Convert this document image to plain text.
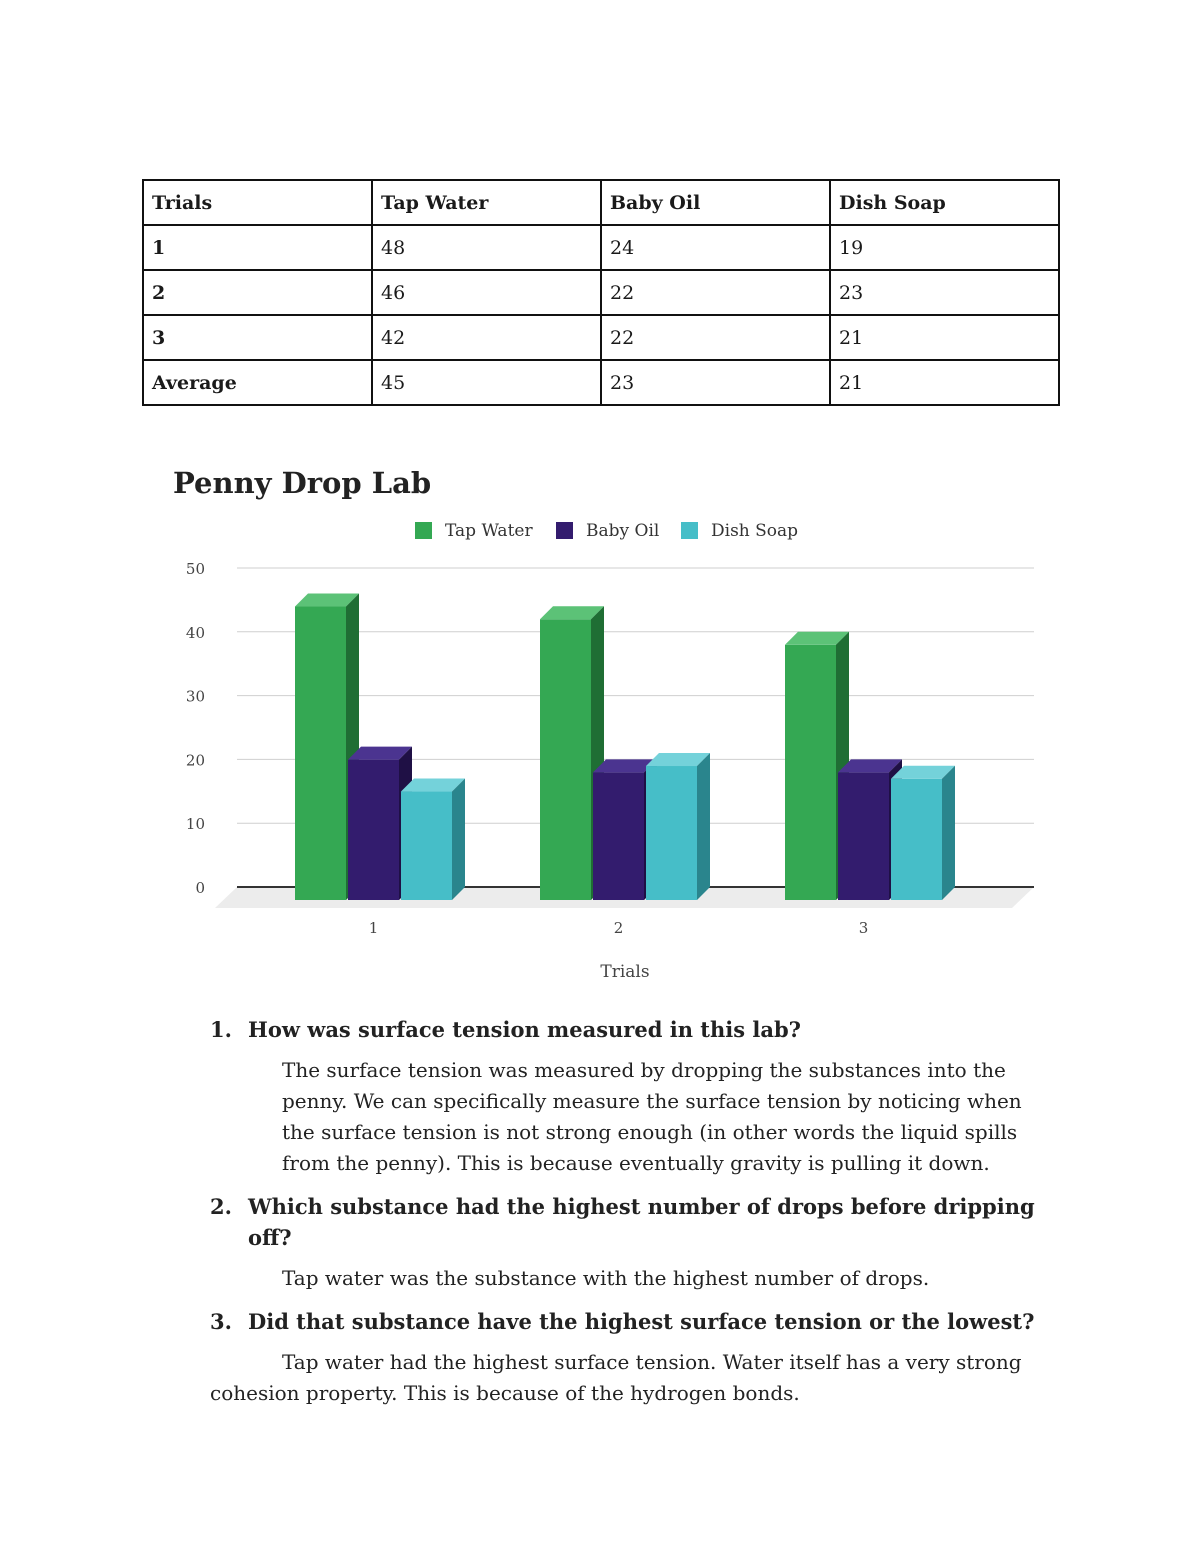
Trials	Tap Water	Baby Oil	Dish Soap
1	48	24	19
2	46	22	23
3	42	22	21
Average	45	23	21
Penny Drop Lab
Tap Water	Baby Oil	Dish Soap
0
10
20
30
40
50
1	2	3
Trials
1. How was surface tension measured in this lab?

The surface tension was measured by dropping the substances into the penny. We can specifically measure the surface tension by noticing when the surface tension is not strong enough (in other words the liquid spills from the penny). This is because eventually gravity is pulling it down.

2. Which substance had the highest number of drops before dripping off?

Tap water was the substance with the highest number of drops.

3. Did that substance have the highest surface tension or the lowest?

Tap water had the highest surface tension. Water itself has a very strong cohesion property. This is because of the hydrogen bonds.
